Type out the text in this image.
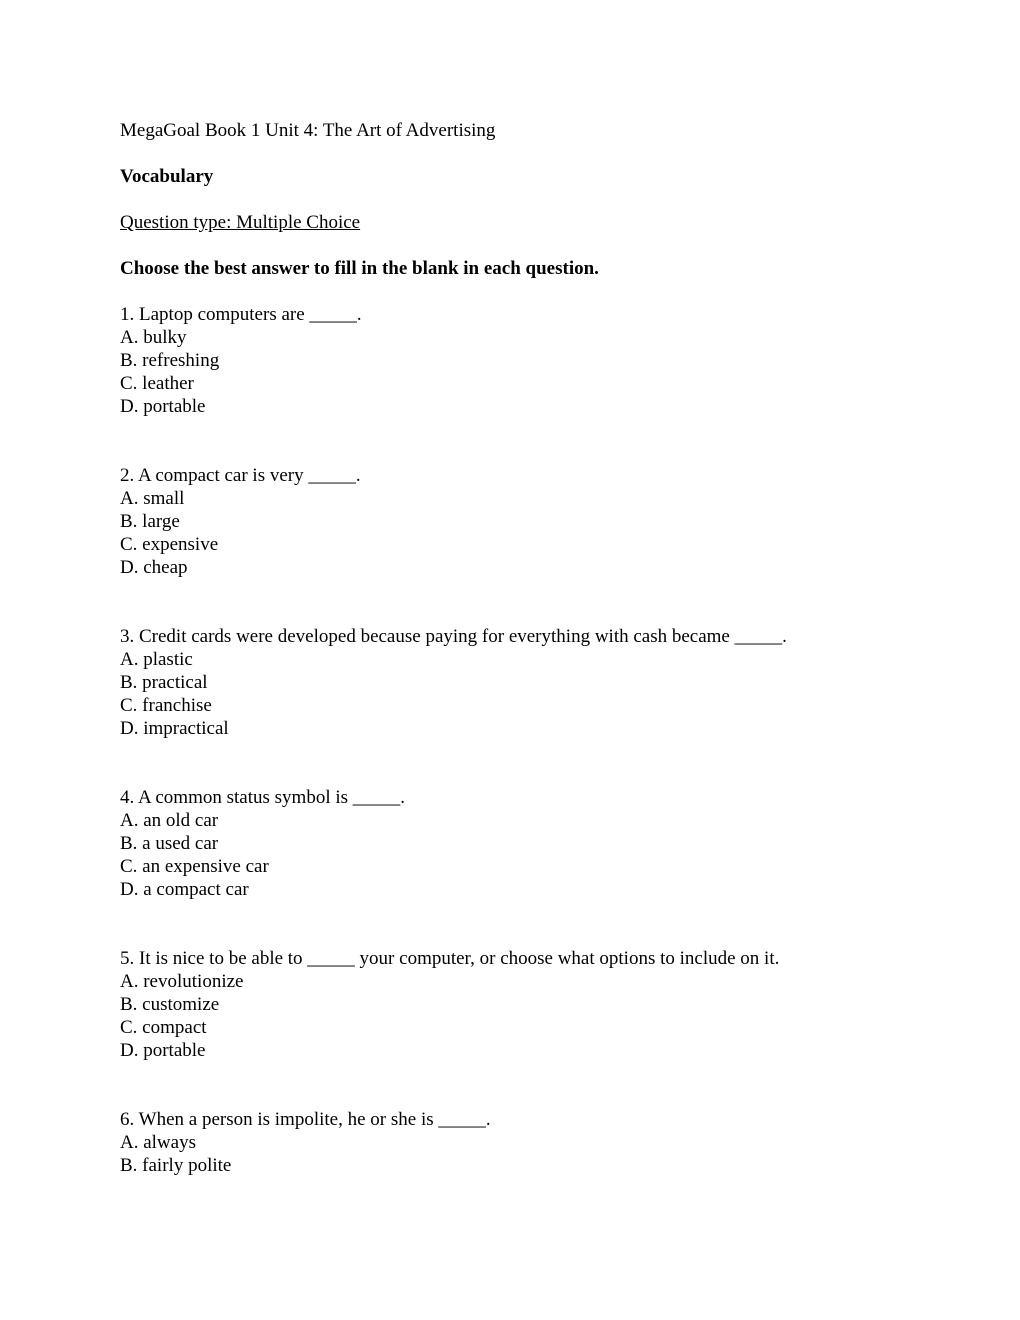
MegaGoal Book 1 Unit 4: The Art of Advertising
Vocabulary
Question type: Multiple Choice
Choose the best answer to fill in the blank in each question.
1. Laptop computers are _____.
A. bulky
B. refreshing
C. leather
D. portable
2. A compact car is very _____.
A. small
B. large
C. expensive
D. cheap
3. Credit cards were developed because paying for everything with cash became _____.
A. plastic
B. practical
C. franchise
D. impractical
4. A common status symbol is _____.
A. an old car
B. a used car
C. an expensive car
D. a compact car
5. It is nice to be able to _____ your computer, or choose what options to include on it.
A. revolutionize
B. customize
C. compact
D. portable
6. When a person is impolite, he or she is _____.
A. always
B. fairly polite
